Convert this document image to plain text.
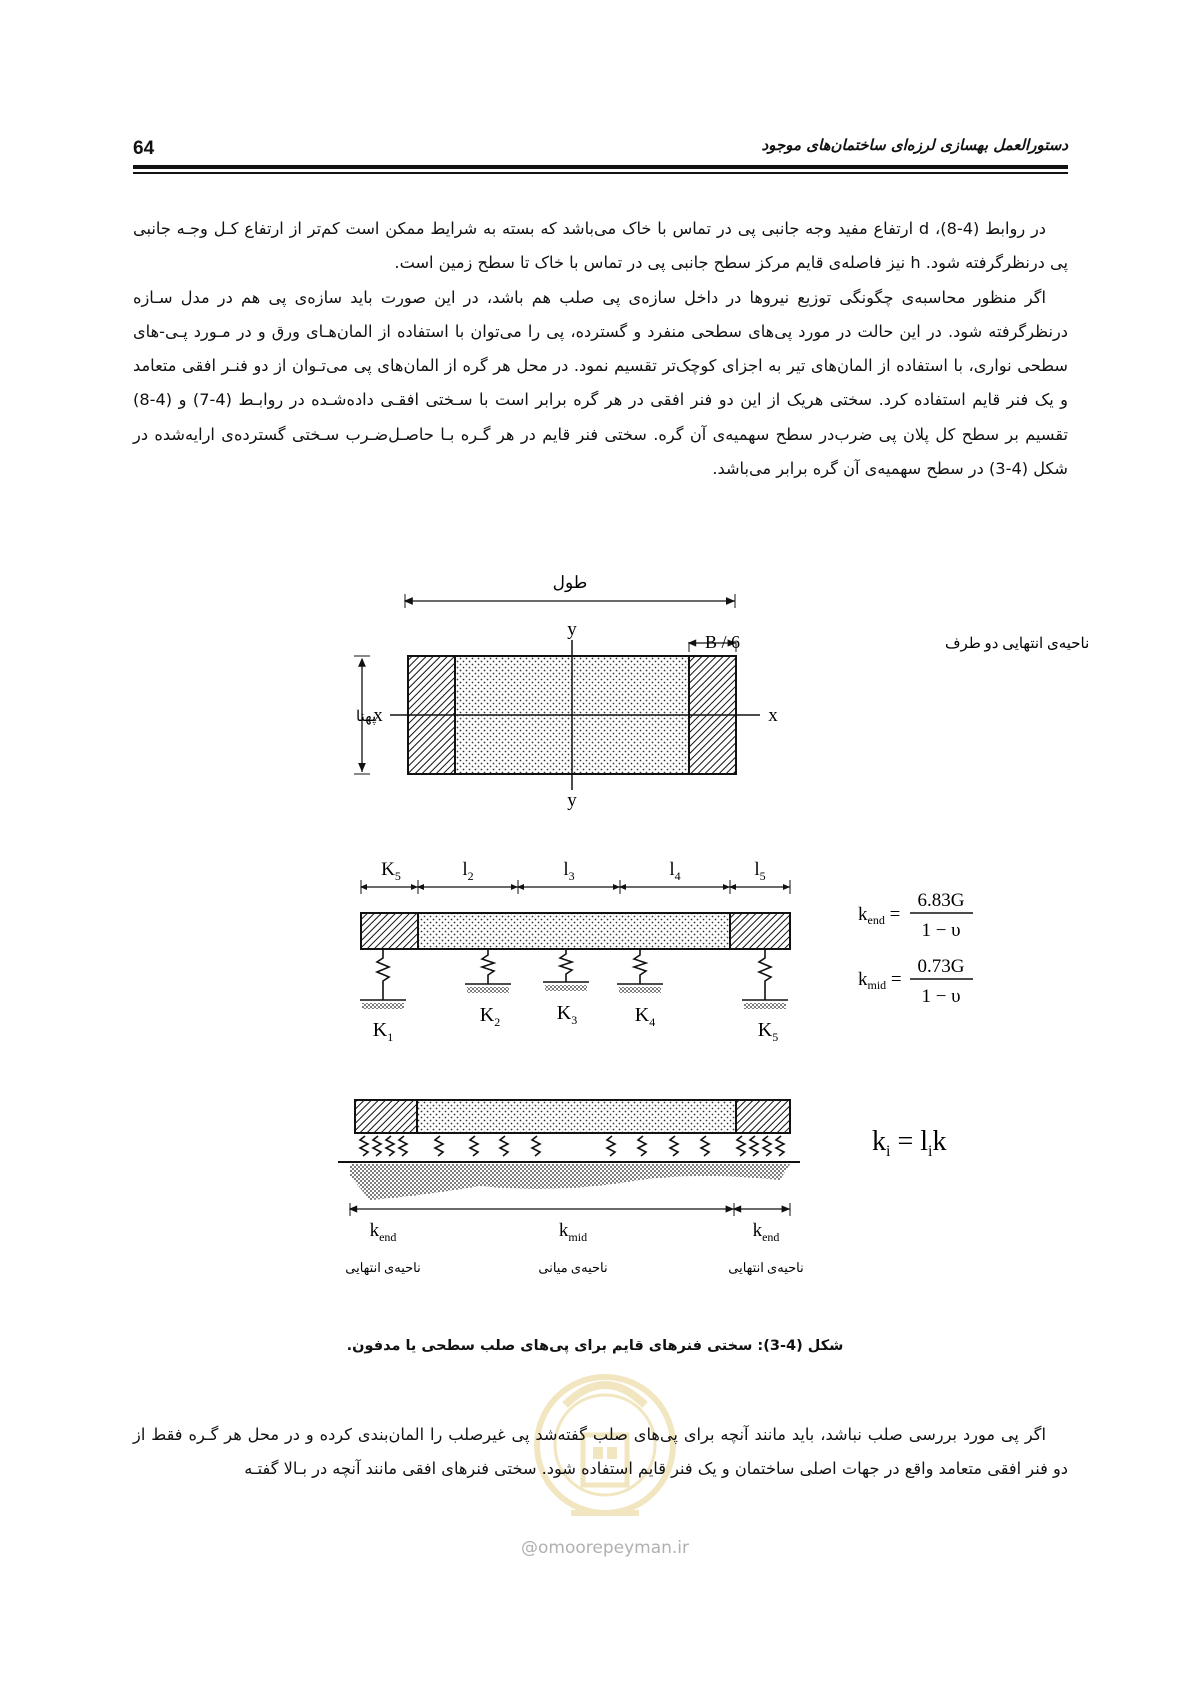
64	دستورالعمل بهسازی لرزه‌ای ساختمان‌های موجود

در روابط (4-8)، d ارتفاع مفید وجه جانبی پی در تماس با خاک می‌باشد که بسته به شرایط ممکن است کم‌تر از ارتفاع کـل وجـه جانبی پی درنظرگرفته شود. h نیز فاصله‌ی قایم مرکز سطح جانبی پی در تماس با خاک تا سطح زمین است.

اگر منظور محاسبه‌ی چگونگی توزیع نیروها در داخل سازه‌ی پی صلب هم باشد، در این صورت باید سازه‌ی پی هم در مدل سـازه درنظرگرفته شود. در این حالت در مورد پی‌های سطحی منفرد و گسترده، پی را می‌توان با استفاده از المان‌هـای ورق و در مـورد پـی-های سطحی نواری، با استفاده از المان‌های تیر به اجزای کوچک‌تر تقسیم نمود. در محل هر گره از المان‌های پی می‌تـوان از دو فنـر افقی متعامد و یک فنر قایم استفاده کرد. سختی هریک از این دو فنر افقی در هر گره برابر است با سـختی افقـی داده‌شـده در روابـط (4-7) و (4-8) تقسیم بر سطح کل پلان پی ضرب‌در سطح سهمیه‌ی آن گره. سختی فنر قایم در هر گـره بـا حاصـل‌ضـرب سـختی گسترده‌ی ارایه‌شده در شکل (4-3) در سطح سهمیه‌ی آن گره برابر می‌باشد.

طول
x	x
y
y
پهنا
B / 6	ناحیه‌ی انتهایی دو طرف
$K_5$	$l_2$	$l_3$	$l_4$	$l_5$
$K_1$
$K_2$	$K_3$	$K_4$	$K_5$
$k_{end}$ =
6.83G
1 − υ
$k_{mid}$ =
0.73G
1 − υ
$k_i = l_ik$
$k_{end}$	$k_{mid}$	$k_{end}$
ناحیه‌ی انتهایی	ناحیه‌ی میانی	ناحیه‌ی انتهایی
شکل (4-3): سختی فنرهای قایم برای پی‌های صلب سطحی یا مدفون.
@omoorepeyman.ir

اگر پی مورد بررسی صلب نباشد، باید مانند آنچه برای پی‌های صلب گفته‌شد پی غیرصلب را المان‌بندی کرده و در محل هر گـره فقط از دو فنر افقی متعامد واقع در جهات اصلی ساختمان و یک فنر قایم استفاده شود. سختی فنرهای افقی مانند آنچه در بـالا گفتـه
